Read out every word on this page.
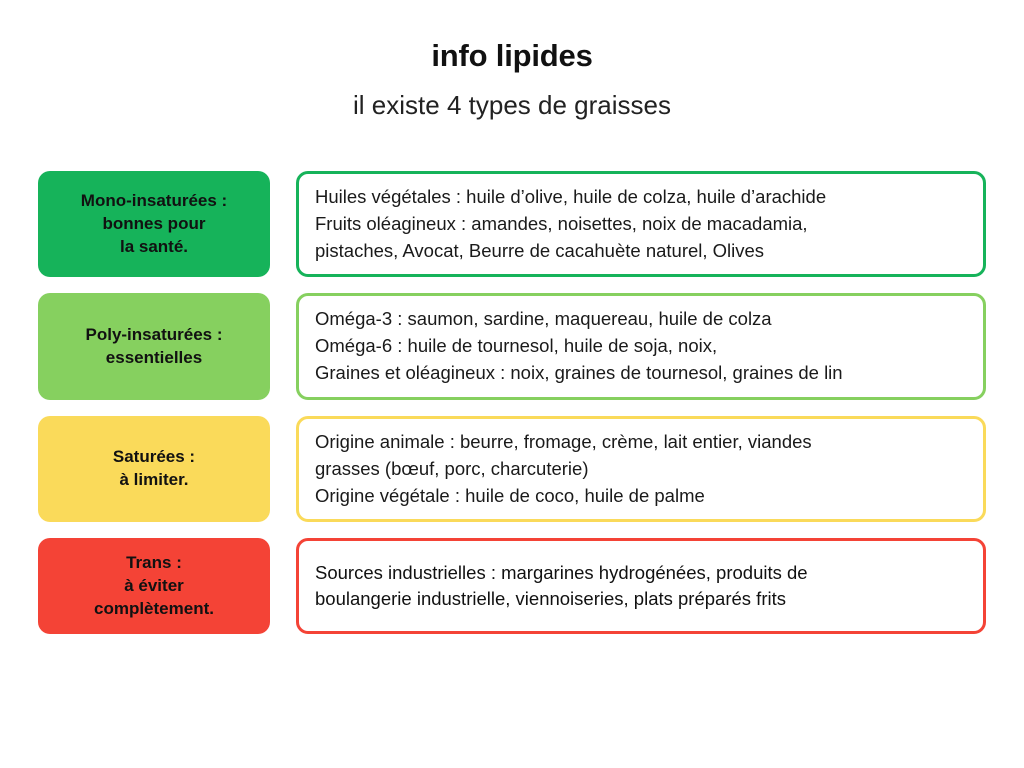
info lipides
il existe 4 types de graisses
Mono-insaturées :
bonnes pour
la santé.
Huiles végétales : huile d’olive, huile de colza, huile d’arachide
Fruits oléagineux : amandes, noisettes, noix de macadamia,
pistaches, Avocat, Beurre de cacahuète naturel, Olives
Poly-insaturées :
essentielles
Oméga-3 : saumon, sardine, maquereau, huile de colza
Oméga-6 : huile de tournesol, huile de soja, noix,
Graines et oléagineux : noix, graines de tournesol, graines de lin
Saturées :
à limiter.
Origine animale : beurre, fromage, crème, lait entier, viandes
grasses (bœuf, porc, charcuterie)
Origine végétale : huile de coco, huile de palme
Trans :
à éviter
complètement.
Sources industrielles : margarines hydrogénées, produits de
boulangerie industrielle, viennoiseries, plats préparés frits
